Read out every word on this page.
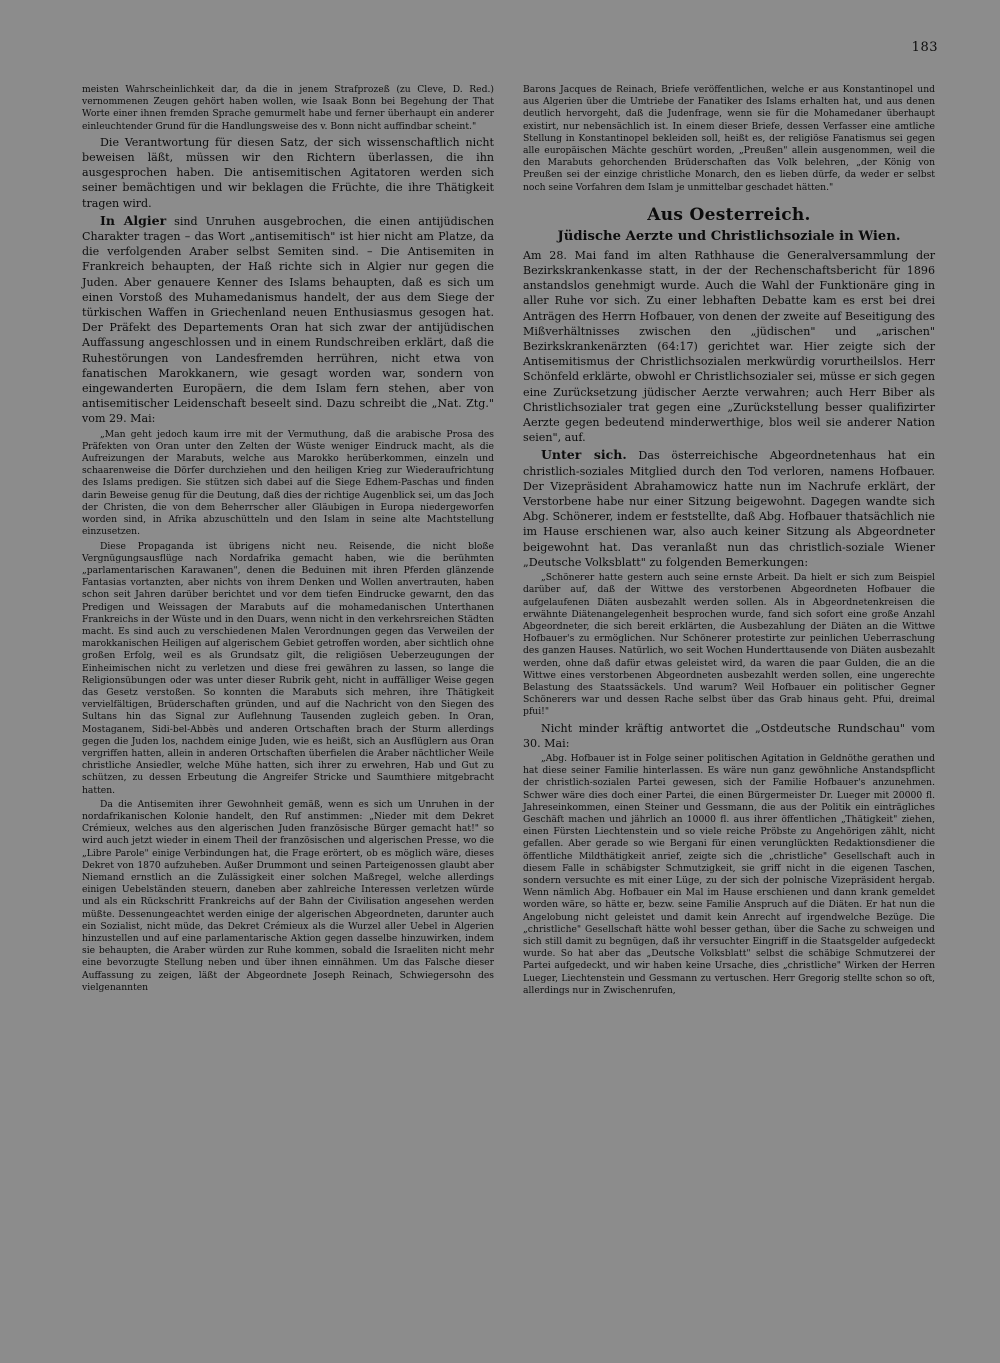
183

meisten Wahrscheinlichkeit dar, da die in jenem Strafprozeß (zu Cleve, D. Red.) vernommenen Zeugen gehört haben wollen, wie Isaak Bonn bei Begehung der That Worte einer ihnen fremden Sprache gemurmelt habe und ferner überhaupt ein anderer einleuchtender Grund für die Handlungsweise des v. Bonn nicht auffindbar scheint."

Die Verantwortung für diesen Satz, der sich wissenschaftlich nicht beweisen läßt, müssen wir den Richtern überlassen, die ihn ausgesprochen haben. Die antisemitischen Agitatoren werden sich seiner bemächtigen und wir beklagen die Früchte, die ihre Thätigkeit tragen wird.

In Algier sind Unruhen ausgebrochen, die einen antijüdischen Charakter tragen – das Wort „antisemitisch" ist hier nicht am Platze, da die verfolgenden Araber selbst Semiten sind. – Die Antisemiten in Frankreich behaupten, der Haß richte sich in Algier nur gegen die Juden. Aber genauere Kenner des Islams behaupten, daß es sich um einen Vorstoß des Muhamedanismus handelt, der aus dem Siege der türkischen Waffen in Griechenland neuen Enthusiasmus gesogen hat. Der Präfekt des Departements Oran hat sich zwar der antijüdischen Auffassung angeschlossen und in einem Rundschreiben erklärt, daß die Ruhestörungen von Landesfremden herrühren, nicht etwa von fanatischen Marokkanern, wie gesagt worden war, sondern von eingewanderten Europäern, die dem Islam fern stehen, aber von antisemitischer Leidenschaft beseelt sind. Dazu schreibt die „Nat. Ztg." vom 29. Mai:

„Man geht jedoch kaum irre mit der Vermuthung, daß die arabische Prosa des Präfekten von Oran unter den Zelten der Wüste weniger Eindruck macht, als die Aufreizungen der Marabuts, welche aus Marokko herüberkommen, einzeln und schaarenweise die Dörfer durchziehen und den heiligen Krieg zur Wiederaufrichtung des Islams predigen. Sie stützen sich dabei auf die Siege Edhem-Paschas und finden darin Beweise genug für die Deutung, daß dies der richtige Augenblick sei, um das Joch der Christen, die von dem Beherrscher aller Gläubigen in Europa niedergeworfen worden sind, in Afrika abzuschütteln und den Islam in seine alte Machtstellung einzusetzen.

Diese Propaganda ist übrigens nicht neu. Reisende, die nicht bloße Vergnügungsausflüge nach Nordafrika gemacht haben, wie die berühmten „parlamentarischen Karawanen", denen die Beduinen mit ihren Pferden glänzende Fantasias vortanzten, aber nichts von ihrem Denken und Wollen anvertrauten, haben schon seit Jahren darüber berichtet und vor dem tiefen Eindrucke gewarnt, den das Predigen und Weissagen der Marabuts auf die mohamedanischen Unterthanen Frankreichs in der Wüste und in den Duars, wenn nicht in den verkehrsreichen Städten macht. Es sind auch zu verschiedenen Malen Verordnungen gegen das Verweilen der marokkanischen Heiligen auf algerischem Gebiet getroffen worden, aber sichtlich ohne großen Erfolg, weil es als Grundsatz gilt, die religiösen Ueberzeugungen der Einheimischen nicht zu verletzen und diese frei gewähren zu lassen, so lange die Religionsübungen oder was unter dieser Rubrik geht, nicht in auffälliger Weise gegen das Gesetz verstoßen. So konnten die Marabuts sich mehren, ihre Thätigkeit vervielfältigen, Brüderschaften gründen, und auf die Nachricht von den Siegen des Sultans hin das Signal zur Auflehnung Tausenden zugleich geben. In Oran, Mostaganem, Sidi-bel-Abbès und anderen Ortschaften brach der Sturm allerdings gegen die Juden los, nachdem einige Juden, wie es heißt, sich an Ausflüglern aus Oran vergriffen hatten, allein in anderen Ortschaften überfielen die Araber nächtlicher Weile christliche Ansiedler, welche Mühe hatten, sich ihrer zu erwehren, Hab und Gut zu schützen, zu dessen Erbeutung die Angreifer Stricke und Saumthiere mitgebracht hatten.

Da die Antisemiten ihrer Gewohnheit gemäß, wenn es sich um Unruhen in der nordafrikanischen Kolonie handelt, den Ruf anstimmen: „Nieder mit dem Dekret Crémieux, welches aus den algerischen Juden französische Bürger gemacht hat!" so wird auch jetzt wieder in einem Theil der französischen und algerischen Presse, wo die „Libre Parole" einige Verbindungen hat, die Frage erörtert, ob es möglich wäre, dieses Dekret von 1870 aufzuheben. Außer Drummont und seinen Parteigenossen glaubt aber Niemand ernstlich an die Zulässigkeit einer solchen Maßregel, welche allerdings einigen Uebelständen steuern, daneben aber zahlreiche Interessen verletzen würde und als ein Rückschritt Frankreichs auf der Bahn der Civilisation angesehen werden müßte. Dessenungeachtet werden einige der algerischen Abgeordneten, darunter auch ein Sozialist, nicht müde, das Dekret Crémieux als die Wurzel aller Uebel in Algerien hinzustellen und auf eine parlamentarische Aktion gegen dasselbe hinzuwirken, indem sie behaupten, die Araber würden zur Ruhe kommen, sobald die Israeliten nicht mehr eine bevorzugte Stellung neben und über ihnen einnähmen. Um das Falsche dieser Auffassung zu zeigen, läßt der Abgeordnete Joseph Reinach, Schwiegersohn des vielgenannten

Barons Jacques de Reinach, Briefe veröffentlichen, welche er aus Konstantinopel und aus Algerien über die Umtriebe der Fanatiker des Islams erhalten hat, und aus denen deutlich hervorgeht, daß die Judenfrage, wenn sie für die Mohamedaner überhaupt existirt, nur nebensächlich ist. In einem dieser Briefe, dessen Verfasser eine amtliche Stellung in Konstantinopel bekleiden soll, heißt es, der religiöse Fanatismus sei gegen alle europäischen Mächte geschürt worden, „Preußen" allein ausgenommen, weil die den Marabuts gehorchenden Brüderschaften das Volk belehren, „der König von Preußen sei der einzige christliche Monarch, den es lieben dürfe, da weder er selbst noch seine Vorfahren dem Islam je unmittelbar geschadet hätten."

Aus Oesterreich.
Jüdische Aerzte und Christlichsoziale in Wien.

Am 28. Mai fand im alten Rathhause die Generalversammlung der Bezirkskrankenkasse statt, in der der Rechenschaftsbericht für 1896 anstandslos genehmigt wurde. Auch die Wahl der Funktionäre ging in aller Ruhe vor sich. Zu einer lebhaften Debatte kam es erst bei drei Anträgen des Herrn Hofbauer, von denen der zweite auf Beseitigung des Mißverhältnisses zwischen den „jüdischen" und „arischen" Bezirkskrankenärzten (64:17) gerichtet war. Hier zeigte sich der Antisemitismus der Christlichsozialen merkwürdig vorurtheilslos. Herr Schönfeld erklärte, obwohl er Christlichsozialer sei, müsse er sich gegen eine Zurücksetzung jüdischer Aerzte verwahren; auch Herr Biber als Christlichsozialer trat gegen eine „Zurückstellung besser qualifizirter Aerzte gegen bedeutend minderwerthige, blos weil sie anderer Nation seien", auf.

Unter sich. Das österreichische Abgeordnetenhaus hat ein christlich-soziales Mitglied durch den Tod verloren, namens Hofbauer. Der Vizepräsident Abrahamowicz hatte nun im Nachrufe erklärt, der Verstorbene habe nur einer Sitzung beigewohnt. Dagegen wandte sich Abg. Schönerer, indem er feststellte, daß Abg. Hofbauer thatsächlich nie im Hause erschienen war, also auch keiner Sitzung als Abgeordneter beigewohnt hat. Das veranlaßt nun das christlich-soziale Wiener „Deutsche Volksblatt" zu folgenden Bemerkungen:

„Schönerer hatte gestern auch seine ernste Arbeit. Da hielt er sich zum Beispiel darüber auf, daß der Wittwe des verstorbenen Abgeordneten Hofbauer die aufgelaufenen Diäten ausbezahlt werden sollen. Als in Abgeordnetenkreisen die erwähnte Diätenangelegenheit besprochen wurde, fand sich sofort eine große Anzahl Abgeordneter, die sich bereit erklärten, die Ausbezahlung der Diäten an die Wittwe Hofbauer's zu ermöglichen. Nur Schönerer protestirte zur peinlichen Ueberraschung des ganzen Hauses. Natürlich, wo seit Wochen Hunderttausende von Diäten ausbezahlt werden, ohne daß dafür etwas geleistet wird, da waren die paar Gulden, die an die Wittwe eines verstorbenen Abgeordneten ausbezahlt werden sollen, eine ungerechte Belastung des Staatssäckels. Und warum? Weil Hofbauer ein politischer Gegner Schönerers war und dessen Rache selbst über das Grab hinaus geht. Pfui, dreimal pfui!"

Nicht minder kräftig antwortet die „Ostdeutsche Rundschau" vom 30. Mai:

„Abg. Hofbauer ist in Folge seiner politischen Agitation in Geldnöthe gerathen und hat diese seiner Familie hinterlassen. Es wäre nun ganz gewöhnliche Anstandspflicht der christlich-sozialen Partei gewesen, sich der Familie Hofbauer's anzunehmen. Schwer wäre dies doch einer Partei, die einen Bürgermeister Dr. Lueger mit 20000 fl. Jahreseinkommen, einen Steiner und Gessmann, die aus der Politik ein einträgliches Geschäft machen und jährlich an 10000 fl. aus ihrer öffentlichen „Thätigkeit" ziehen, einen Fürsten Liechtenstein und so viele reiche Pröbste zu Angehörigen zählt, nicht gefallen. Aber gerade so wie Bergani für einen verunglückten Redaktionsdiener die öffentliche Mildthätigkeit anrief, zeigte sich die „christliche" Gesellschaft auch in diesem Falle in schäbigster Schmutzigkeit, sie griff nicht in die eigenen Taschen, sondern versuchte es mit einer Lüge, zu der sich der polnische Vizepräsident hergab. Wenn nämlich Abg. Hofbauer ein Mal im Hause erschienen und dann krank gemeldet worden wäre, so hätte er, bezw. seine Familie Anspruch auf die Diäten. Er hat nun die Angelobung nicht geleistet und damit kein Anrecht auf irgendwelche Bezüge. Die „christliche" Gesellschaft hätte wohl besser gethan, über die Sache zu schweigen und sich still damit zu begnügen, daß ihr versuchter Eingriff in die Staatsgelder aufgedeckt wurde. So hat aber das „Deutsche Volksblatt" selbst die schäbige Schmutzerei der Partei aufgedeckt, und wir haben keine Ursache, dies „christliche" Wirken der Herren Lueger, Liechtenstein und Gessmann zu vertuschen. Herr Gregorig stellte schon so oft, allerdings nur in Zwischenrufen,
